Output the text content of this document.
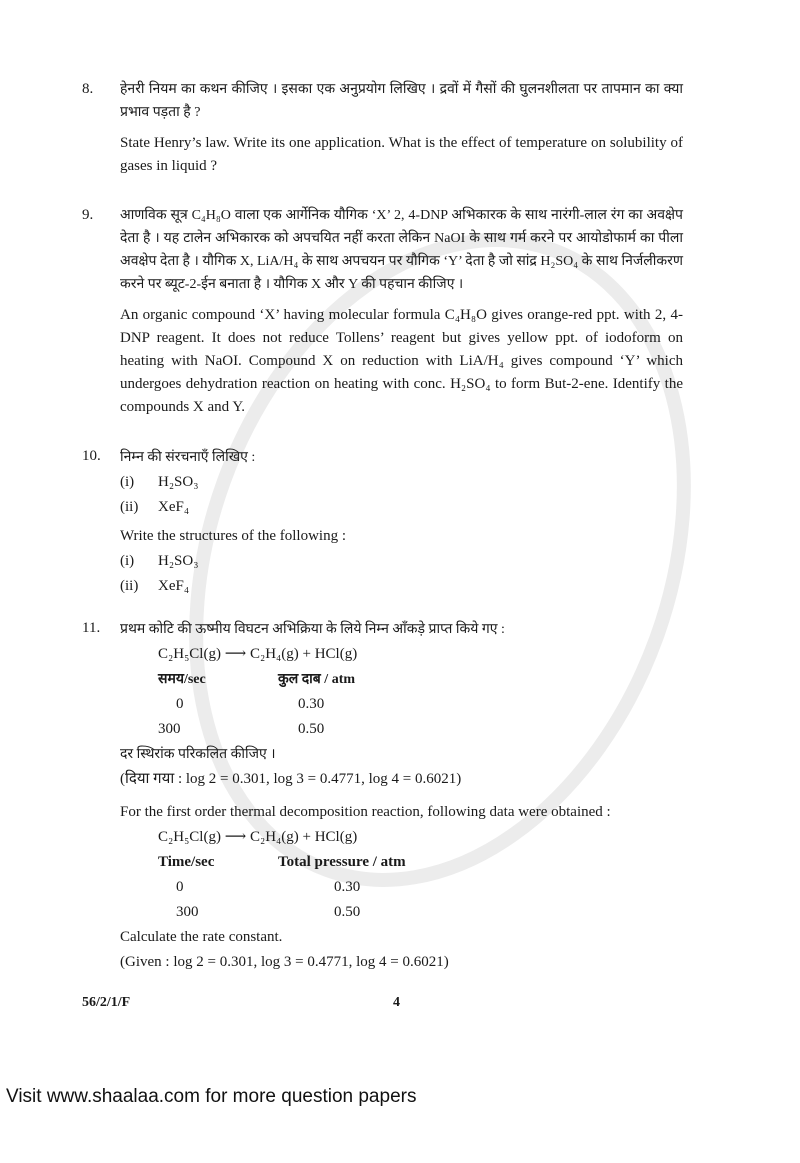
8.	हेनरी नियम का कथन कीजिए । इसका एक अनुप्रयोग लिखिए । द्रवों में गैसों की घुलनशीलता पर तापमान का क्या प्रभाव पड़ता है ?
State Henry’s law. Write its one application. What is the effect of temperature on solubility of gases in liquid ?
9.	आणविक सूत्र C₄H₈O वाला एक आर्गेनिक यौगिक ‘X’ 2, 4-DNP अभिकारक के साथ नारंगी-लाल रंग का अवक्षेप देता है । यह टालेन अभिकारक को अपचयित नहीं करता लेकिन NaOI के साथ गर्म करने पर आयोडोफार्म का पीला अवक्षेप देता है । यौगिक X, LiA/H₄ के साथ अपचयन पर यौगिक ‘Y’ देता है जो सांद्र H₂SO₄ के साथ निर्जलीकरण करने पर ब्यूट-2-ईन बनाता है । यौगिक X और Y की पहचान कीजिए ।
An organic compound ‘X’ having molecular formula C₄H₈O gives orange-red ppt. with 2, 4-DNP reagent. It does not reduce Tollens’ reagent but gives yellow ppt. of iodoform on heating with NaOI. Compound X on reduction with LiA/H₄ gives compound ‘Y’ which undergoes dehydration reaction on heating with conc. H₂SO₄ to form But-2-ene. Identify the compounds X and Y.
10.	निम्न की संरचनाएँ लिखिए :
(i)	H₂SO₃
(ii)	XeF₄
Write the structures of the following :
(i)	H₂SO₃
(ii)	XeF₄
11.	प्रथम कोटि की ऊष्मीय विघटन अभिक्रिया के लिये निम्न आँकड़े प्राप्त किये गए :
C₂H₅Cl(g) ⟶ C₂H₄(g) + HCl(g)
समय/sec	कुल दाब / atm
0	0.30
300	0.50
दर स्थिरांक परिकलित कीजिए ।
(दिया गया : log 2 = 0.301, log 3 = 0.4771, log 4 = 0.6021)
For the first order thermal decomposition reaction, following data were obtained :
C₂H₅Cl(g) ⟶ C₂H₄(g) + HCl(g)
Time/sec	Total pressure / atm
0	0.30
300	0.50
Calculate the rate constant.
(Given : log 2 = 0.301, log 3 = 0.4771, log 4 = 0.6021)
56/2/1/F	4
Visit www.shaalaa.com for more question papers
